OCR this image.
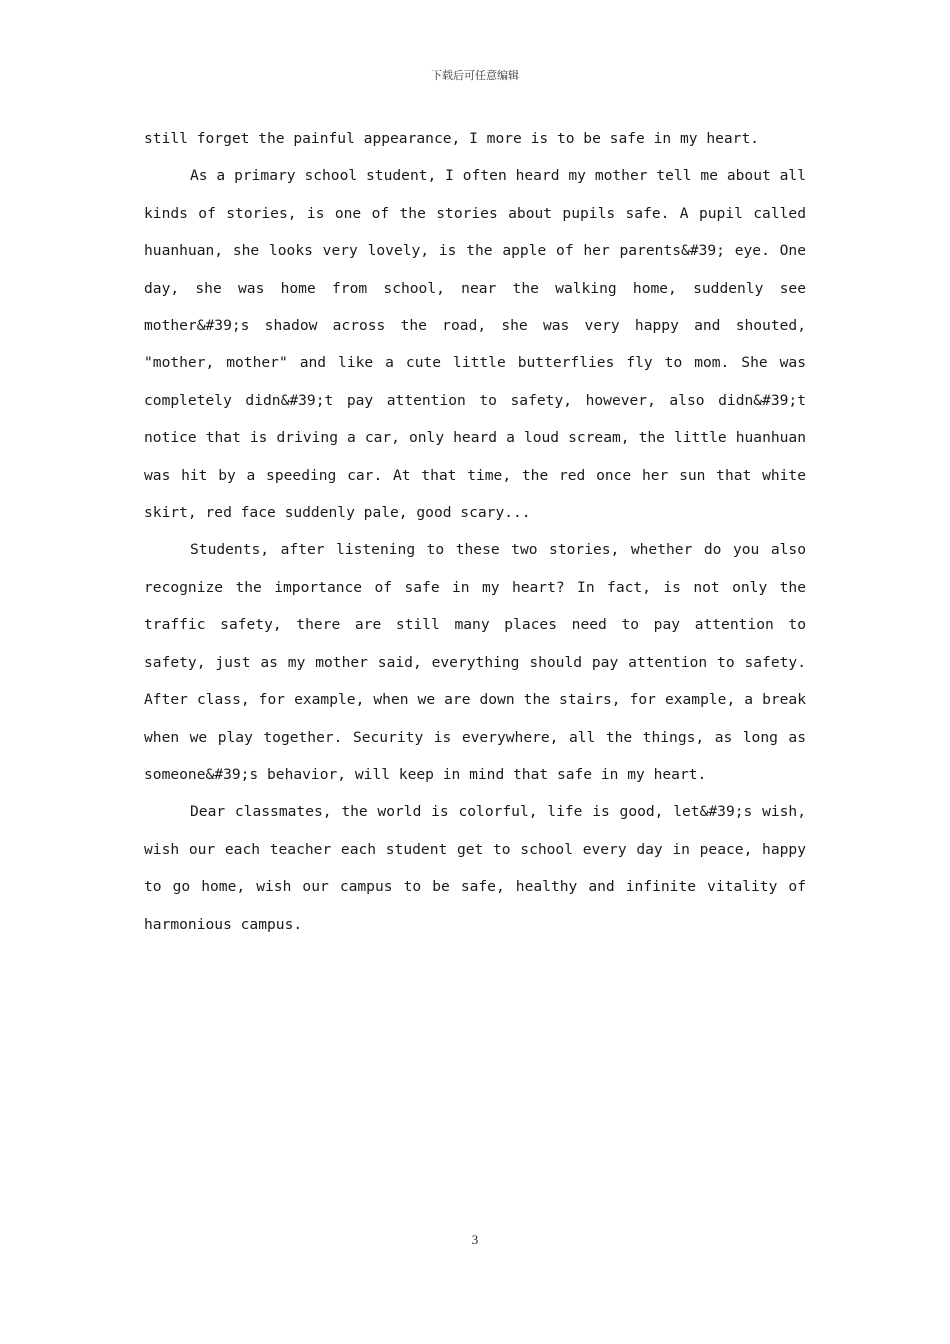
下载后可任意编辑

still forget the painful appearance, I more is to be safe in my heart.

As a primary school student, I often heard my mother tell me about all kinds of stories, is one of the stories about pupils safe. A pupil called huanhuan, she looks very lovely, is the apple of her parents&#39; eye. One day, she was home from school, near the walking home, suddenly see mother&#39;s shadow across the road, she was very happy and shouted, "mother, mother" and like a cute little butterflies fly to mom. She was completely didn&#39;t pay attention to safety, however, also didn&#39;t notice that is driving a car, only heard a loud scream, the little huanhuan was hit by a speeding car. At that time, the red once her sun that white skirt, red face suddenly pale, good scary...

Students, after listening to these two stories, whether do you also recognize the importance of safe in my heart? In fact, is not only the traffic safety, there are still many places need to pay attention to safety, just as my mother said, everything should pay attention to safety. After class, for example, when we are down the stairs, for example, a break when we play together. Security is everywhere, all the things, as long as someone&#39;s behavior, will keep in mind that safe in my heart.

Dear classmates, the world is colorful, life is good, let&#39;s wish, wish our each teacher each student get to school every day in peace, happy to go home, wish our campus to be safe, healthy and infinite vitality of harmonious campus.

3
